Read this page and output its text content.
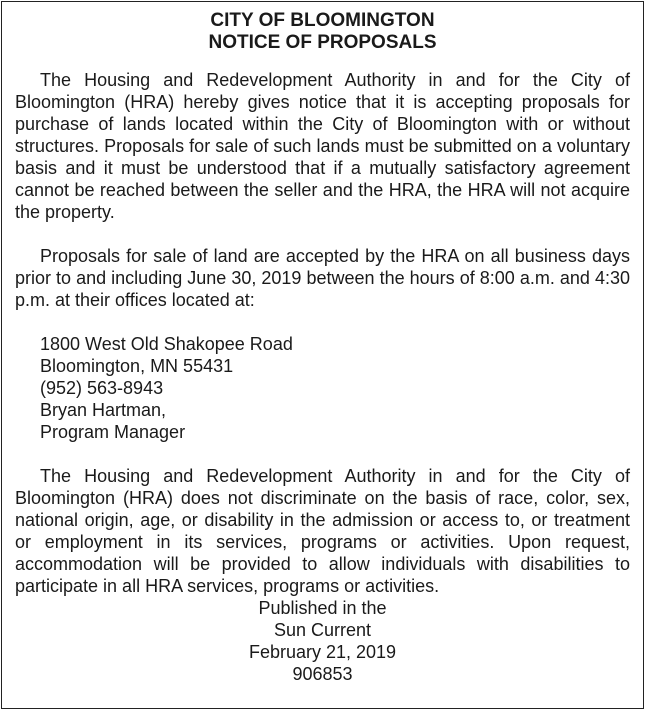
CITY OF BLOOMINGTON
NOTICE OF PROPOSALS

The Housing and Redevelopment Authority in and for the City of Bloomington (HRA) hereby gives notice that it is accepting proposals for purchase of lands located within the City of Bloomington with or without structures. Proposals for sale of such lands must be submitted on a voluntary basis and it must be understood that if a mutually satisfactory agreement cannot be reached between the seller and the HRA, the HRA will not acquire the property.

Proposals for sale of land are accepted by the HRA on all business days prior to and including June 30, 2019 between the hours of 8:00 a.m. and 4:30 p.m. at their offices located at:

1800 West Old Shakopee Road
Bloomington, MN 55431
(952) 563-8943
Bryan Hartman,
Program Manager

The Housing and Redevelopment Authority in and for the City of Bloomington (HRA) does not discriminate on the basis of race, color, sex, national origin, age, or disability in the admission or access to, or treatment or employment in its services, programs or activities. Upon request, accommodation will be provided to allow individuals with disabilities to participate in all HRA services, programs or activities.

Published in the
Sun Current
February 21, 2019
906853
